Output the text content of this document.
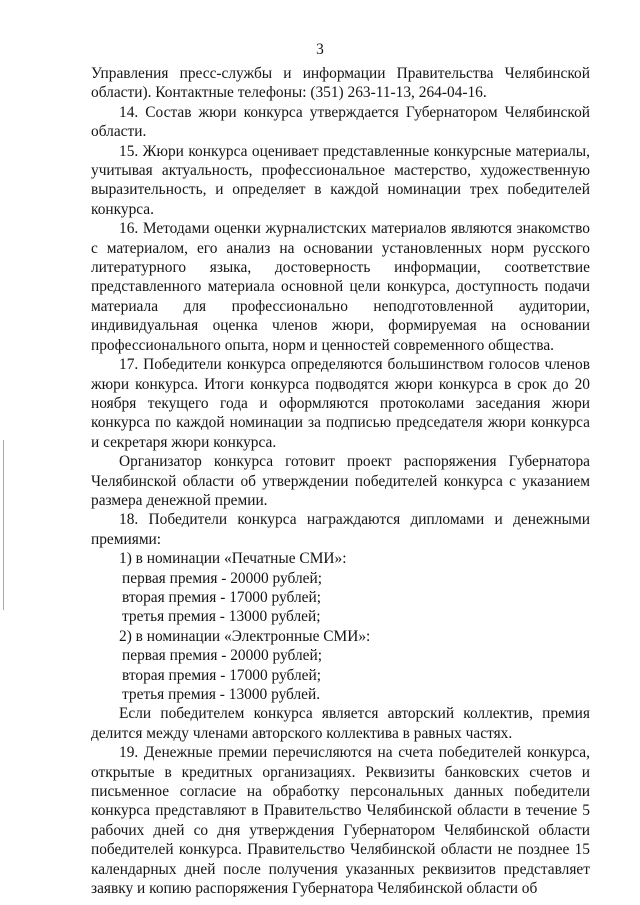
3

Управления пресс-службы и информации Правительства Челябинской области). Контактные телефоны: (351) 263-11-13, 264-04-16.

14. Состав жюри конкурса утверждается Губернатором Челябинской области.

15. Жюри конкурса оценивает представленные конкурсные материалы, учитывая актуальность, профессиональное мастерство, художественную выразительность, и определяет в каждой номинации трех победителей конкурса.

16. Методами оценки журналистских материалов являются знакомство с материалом, его анализ на основании установленных норм русского литературного языка, достоверность информации, соответствие представленного материала основной цели конкурса, доступность подачи материала для профессионально неподготовленной аудитории, индивидуальная оценка членов жюри, формируемая на основании профессионального опыта, норм и ценностей современного общества.

17. Победители конкурса определяются большинством голосов членов жюри конкурса. Итоги конкурса подводятся жюри конкурса в срок до 20 ноября текущего года и оформляются протоколами заседания жюри конкурса по каждой номинации за подписью председателя жюри конкурса и секретаря жюри конкурса.

Организатор конкурса готовит проект распоряжения Губернатора Челябинской области об утверждении победителей конкурса с указанием размера денежной премии.

18. Победители конкурса награждаются дипломами и денежными премиями:

1) в номинации «Печатные СМИ»:

первая премия - 20000 рублей;

вторая премия - 17000 рублей;

третья премия - 13000 рублей;

2) в номинации «Электронные СМИ»:

первая премия - 20000 рублей;

вторая премия - 17000 рублей;

третья премия - 13000 рублей.

Если победителем конкурса является авторский коллектив, премия делится между членами авторского коллектива в равных частях.

19. Денежные премии перечисляются на счета победителей конкурса, открытые в кредитных организациях. Реквизиты банковских счетов и письменное согласие на обработку персональных данных победители конкурса представляют в Правительство Челябинской области в течение 5 рабочих дней со дня утверждения Губернатором Челябинской области победителей конкурса. Правительство Челябинской области не позднее 15 календарных дней после получения указанных реквизитов представляет заявку и копию распоряжения Губернатора Челябинской области об
